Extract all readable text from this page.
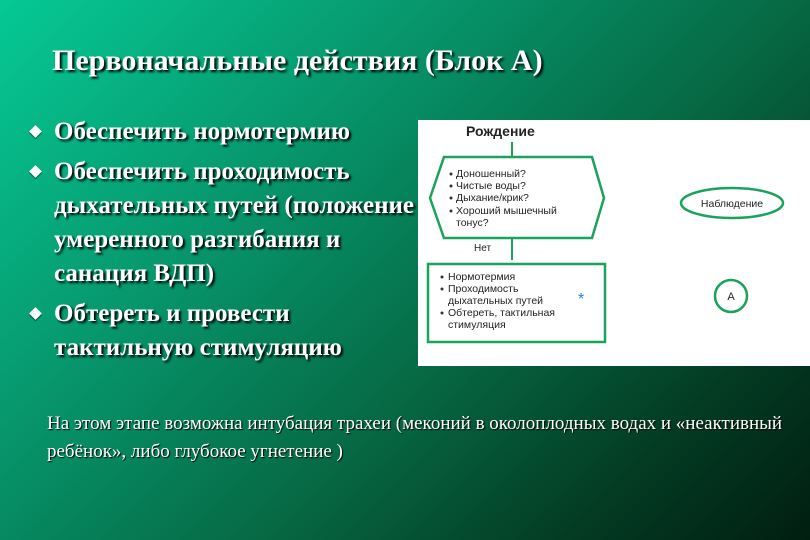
Первоначальные действия (Блок А)
Обеспечить нормотермию
Обеспечить проходимость дыхательных путей (положение умеренного разгибания и санация ВДП)
Обтереть и провести тактильную стимуляцию
Рождение
Доношенный?
Чистые воды?
Дыхание/крик?
Хороший мышечный
тонус?
Нет
Нормотермия
Проходимость
дыхательных путей
Обтереть, тактильная
стимуляция
*
Наблюдение
A

На этом этапе возможна интубация трахеи (меконий в околоплодных водах и «неактивный ребёнок», либо глубокое угнетение )
